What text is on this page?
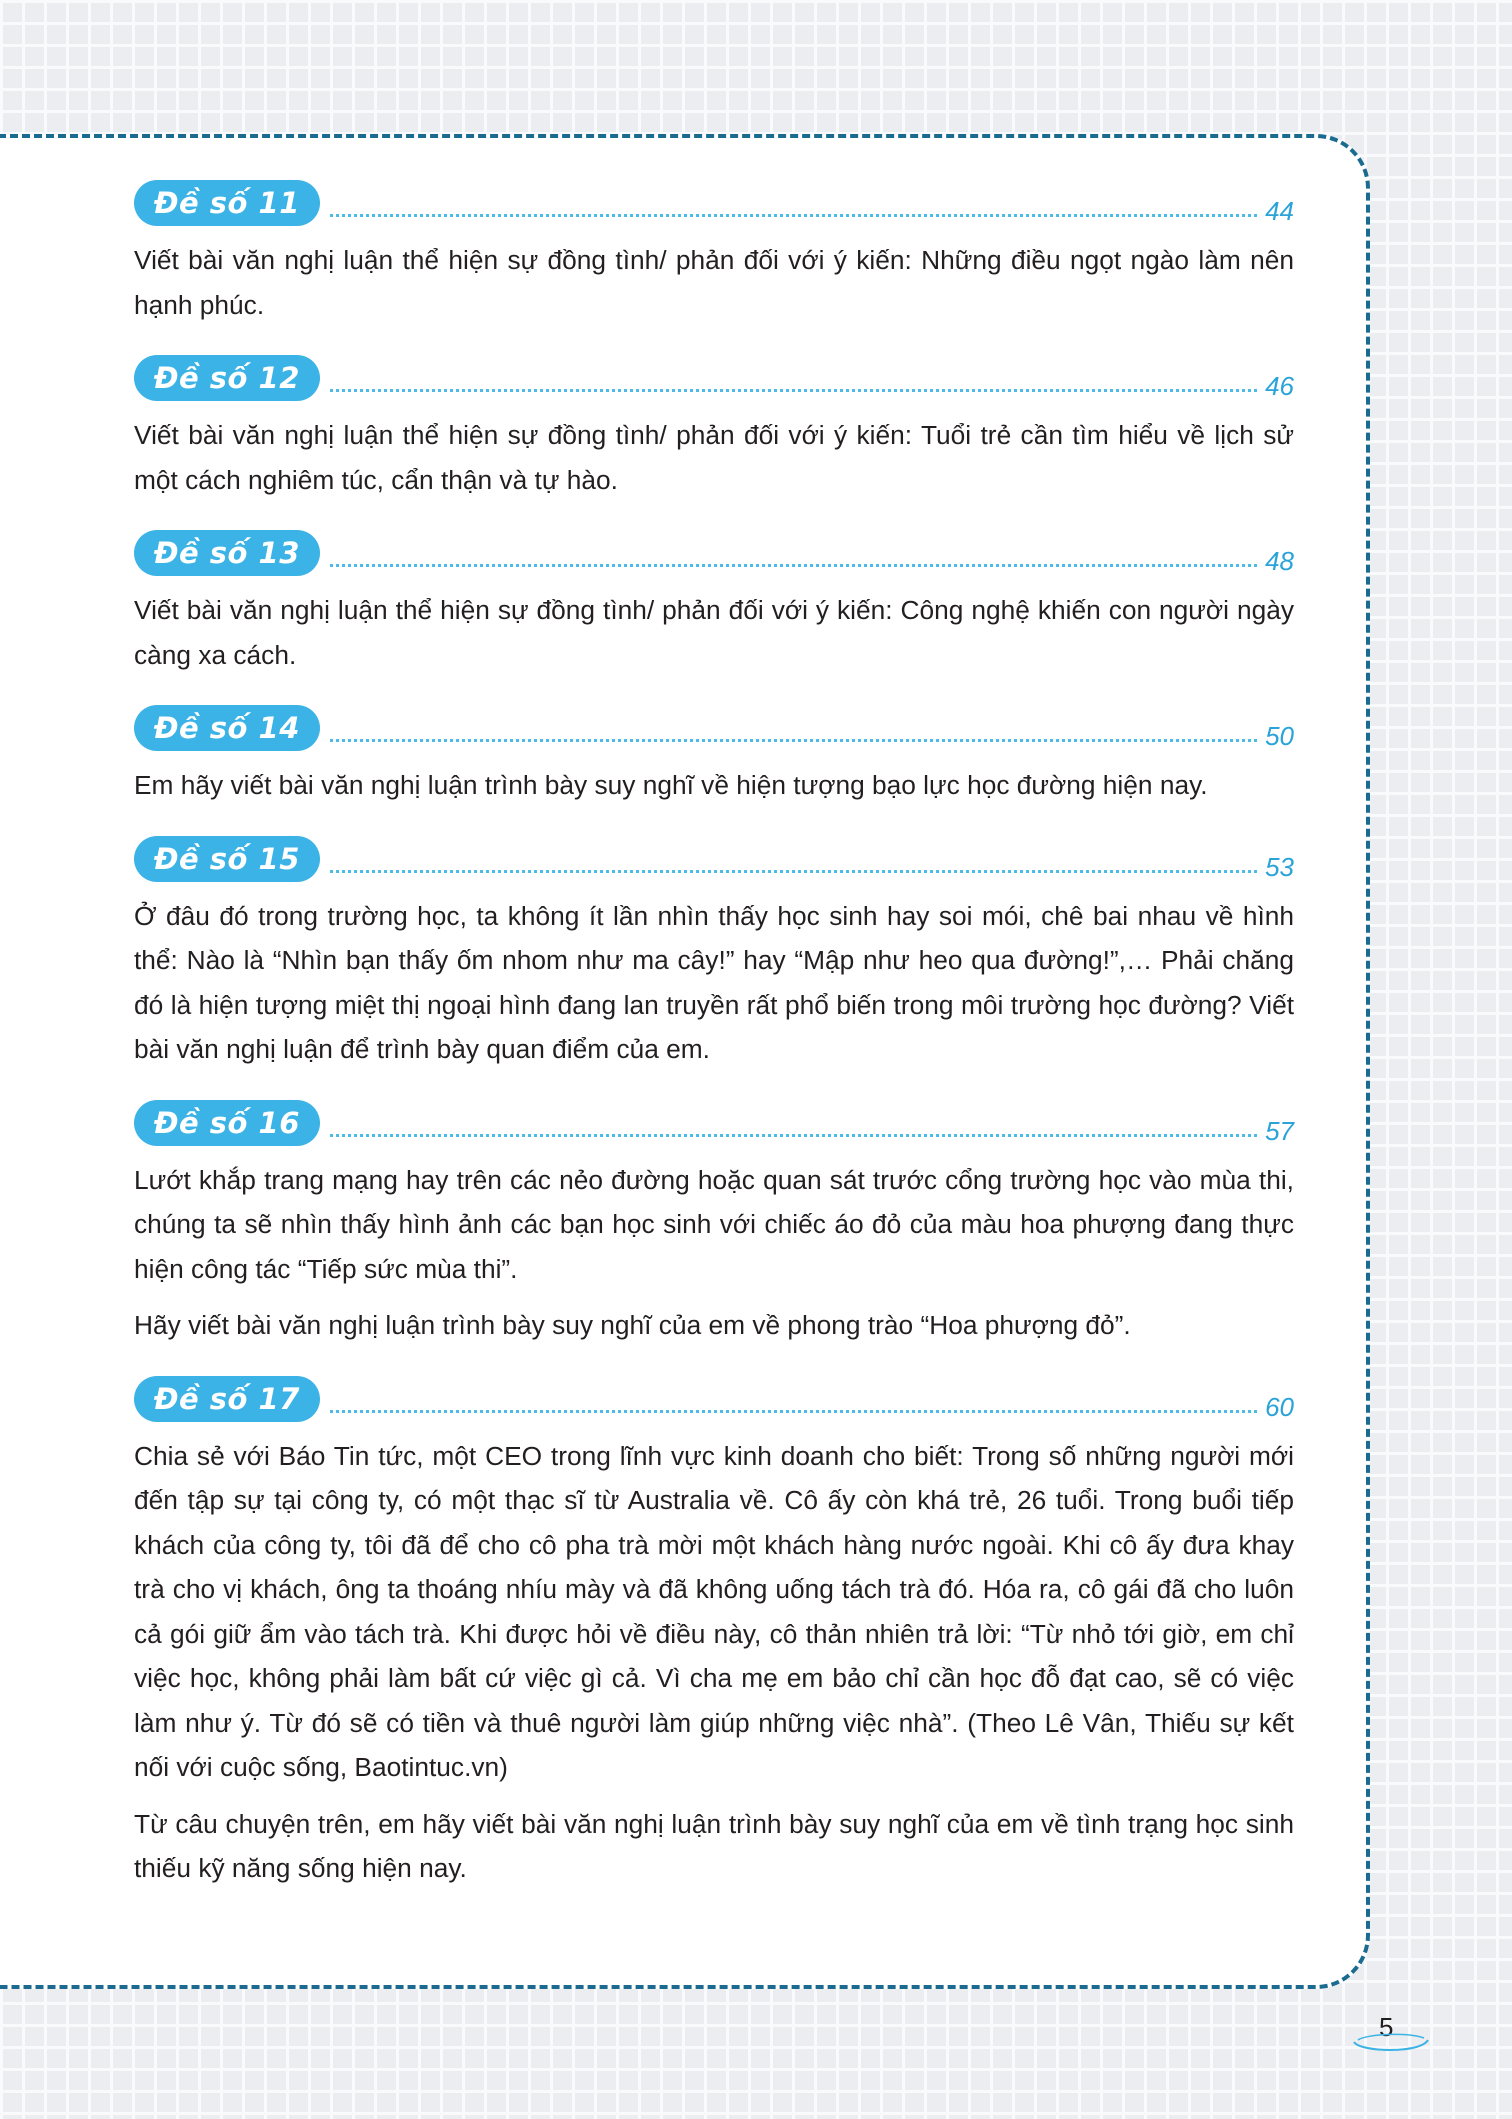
Đề số 11	44

Viết bài văn nghị luận thể hiện sự đồng tình/ phản đối với ý kiến: Những điều ngọt ngào làm nên hạnh phúc.

Đề số 12	46

Viết bài văn nghị luận thể hiện sự đồng tình/ phản đối với ý kiến: Tuổi trẻ cần tìm hiểu về lịch sử một cách nghiêm túc, cẩn thận và tự hào.

Đề số 13	48

Viết bài văn nghị luận thể hiện sự đồng tình/ phản đối với ý kiến: Công nghệ khiến con người ngày càng xa cách.

Đề số 14	50

Em hãy viết bài văn nghị luận trình bày suy nghĩ về hiện tượng bạo lực học đường hiện nay.

Đề số 15	53

Ở đâu đó trong trường học, ta không ít lần nhìn thấy học sinh hay soi mói, chê bai nhau về hình thể: Nào là “Nhìn bạn thấy ốm nhom như ma cây!” hay “Mập như heo qua đường!”,… Phải chăng đó là hiện tượng miệt thị ngoại hình đang lan truyền rất phổ biến trong môi trường học đường? Viết bài văn nghị luận để trình bày quan điểm của em.

Đề số 16	57

Lướt khắp trang mạng hay trên các nẻo đường hoặc quan sát trước cổng trường học vào mùa thi, chúng ta sẽ nhìn thấy hình ảnh các bạn học sinh với chiếc áo đỏ của màu hoa phượng đang thực hiện công tác “Tiếp sức mùa thi”.

Hãy viết bài văn nghị luận trình bày suy nghĩ của em về phong trào “Hoa phượng đỏ”.

Đề số 17	60

Chia sẻ với Báo Tin tức, một CEO trong lĩnh vực kinh doanh cho biết: Trong số những người mới đến tập sự tại công ty, có một thạc sĩ từ Australia về. Cô ấy còn khá trẻ, 26 tuổi. Trong buổi tiếp khách của công ty, tôi đã để cho cô pha trà mời một khách hàng nước ngoài. Khi cô ấy đưa khay trà cho vị khách, ông ta thoáng nhíu mày và đã không uống tách trà đó. Hóa ra, cô gái đã cho luôn cả gói giữ ẩm vào tách trà. Khi được hỏi về điều này, cô thản nhiên trả lời: “Từ nhỏ tới giờ, em chỉ việc học, không phải làm bất cứ việc gì cả. Vì cha mẹ em bảo chỉ cần học đỗ đạt cao, sẽ có việc làm như ý. Từ đó sẽ có tiền và thuê người làm giúp những việc nhà”. (Theo Lê Vân, Thiếu sự kết nối với cuộc sống, Baotintuc.vn)

Từ câu chuyện trên, em hãy viết bài văn nghị luận trình bày suy nghĩ của em về tình trạng học sinh thiếu kỹ năng sống hiện nay.

5
